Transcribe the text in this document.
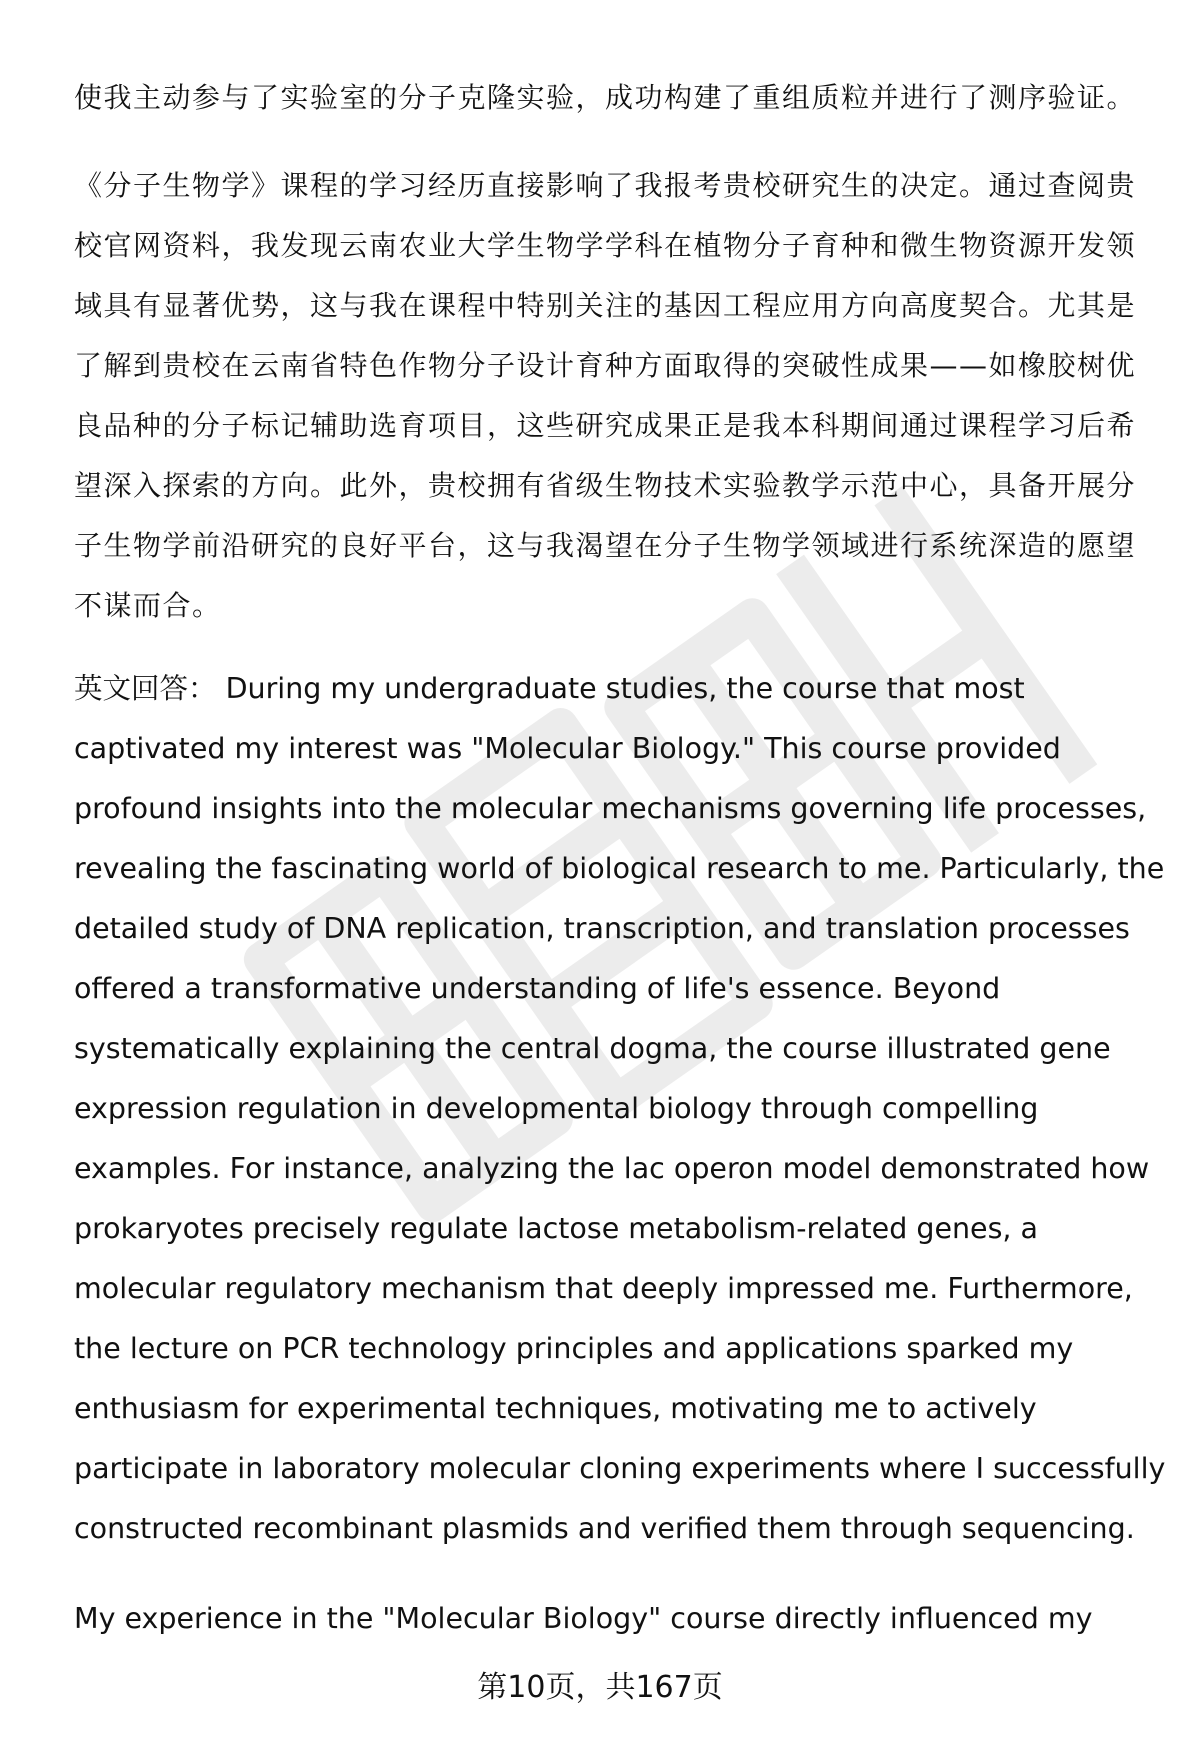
使我主动参与了实验室的分子克隆实验，成功构建了重组质粒并进行了测序验证。

《分子生物学》课程的学习经历直接影响了我报考贵校研究生的决定。通过查阅贵
校官网资料，我发现云南农业大学生物学学科在植物分子育种和微生物资源开发领
域具有显著优势，这与我在课程中特别关注的基因工程应用方向高度契合。尤其是
了解到贵校在云南省特色作物分子设计育种方面取得的突破性成果——如橡胶树优
良品种的分子标记辅助选育项目，这些研究成果正是我本科期间通过课程学习后希
望深入探索的方向。此外，贵校拥有省级生物技术实验教学示范中心，具备开展分
子生物学前沿研究的良好平台，这与我渴望在分子生物学领域进行系统深造的愿望
不谋而合。

英文回答： During my undergraduate studies, the course that most
captivated my interest was "Molecular Biology." This course provided
profound insights into the molecular mechanisms governing life processes,
revealing the fascinating world of biological research to me. Particularly, the
detailed study of DNA replication, transcription, and translation processes
offered a transformative understanding of life's essence. Beyond
systematically explaining the central dogma, the course illustrated gene
expression regulation in developmental biology through compelling
examples. For instance, analyzing the lac operon model demonstrated how
prokaryotes precisely regulate lactose metabolism-related genes, a
molecular regulatory mechanism that deeply impressed me. Furthermore,
the lecture on PCR technology principles and applications sparked my
enthusiasm for experimental techniques, motivating me to actively
participate in laboratory molecular cloning experiments where I successfully
constructed recombinant plasmids and verified them through sequencing.

My experience in the "Molecular Biology" course directly influenced my

第10页，共167页
